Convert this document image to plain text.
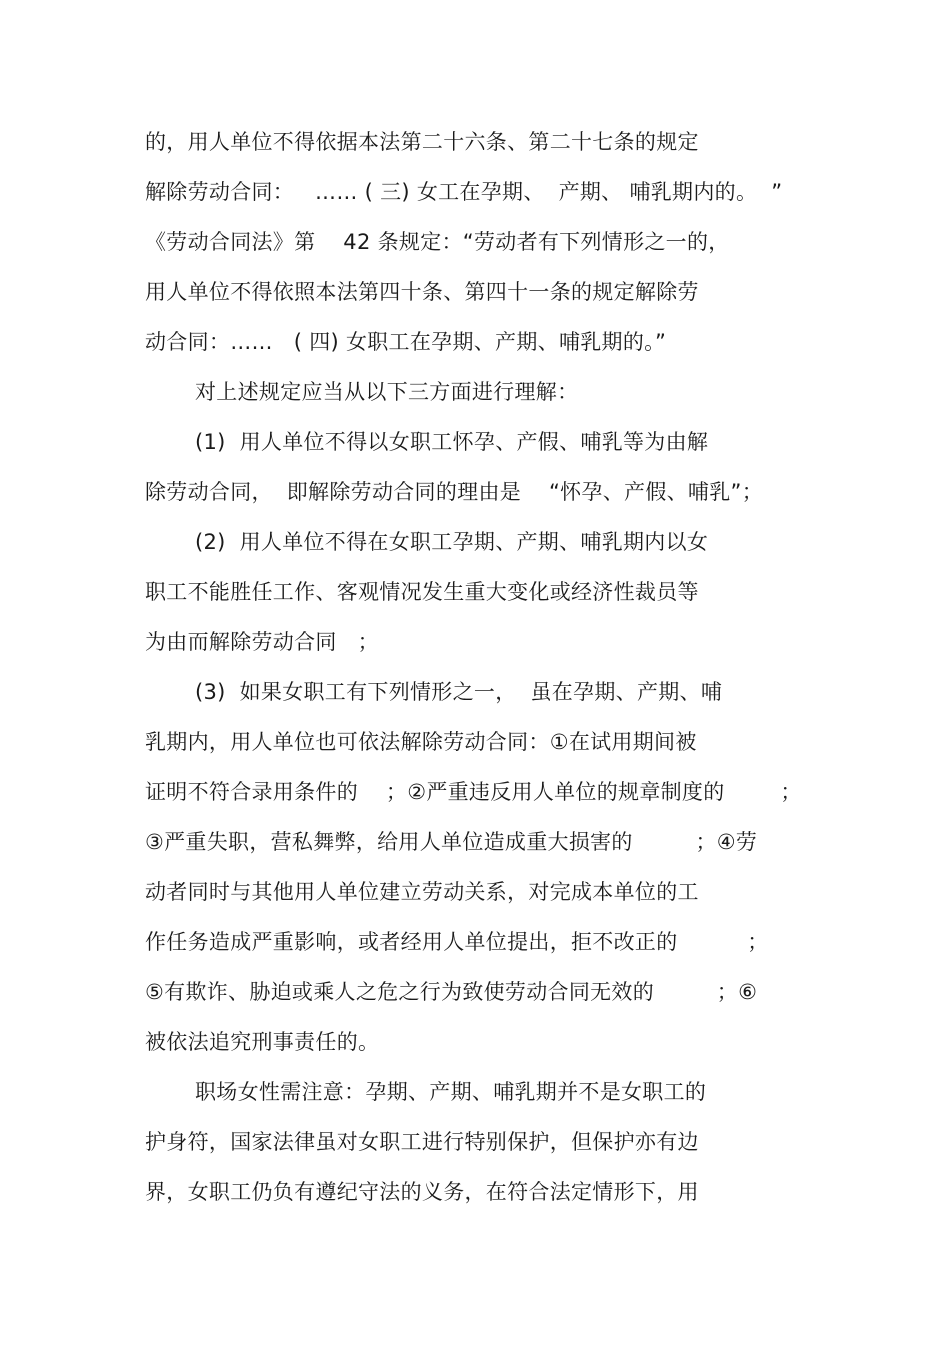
的，用人单位不得依据本法第二十六条、第二十七条的规定
解除劳动合同：   …… ( 三) 女工在孕期、  产期、 哺乳期内的。  ”
《劳动合同法》第    42 条规定：“劳动者有下列情形之一的，
用人单位不得依照本法第四十条、第四十一条的规定解除劳
动合同：……   ( 四) 女职工在孕期、产期、哺乳期的。”
对上述规定应当从以下三方面进行理解：
(1)  用人单位不得以女职工怀孕、产假、哺乳等为由解
除劳动合同，  即解除劳动合同的理由是    “怀孕、产假、哺乳”；
(2)  用人单位不得在女职工孕期、产期、哺乳期内以女
职工不能胜任工作、客观情况发生重大变化或经济性裁员等
为由而解除劳动合同   ；
(3)  如果女职工有下列情形之一，  虽在孕期、产期、哺
乳期内，用人单位也可依法解除劳动合同：①在试用期间被
证明不符合录用条件的    ；②严重违反用人单位的规章制度的        ；
③严重失职，营私舞弊，给用人单位造成重大损害的         ；④劳
动者同时与其他用人单位建立劳动关系，对完成本单位的工
作任务造成严重影响，或者经用人单位提出，拒不改正的          ；
⑤有欺诈、胁迫或乘人之危之行为致使劳动合同无效的         ；⑥
被依法追究刑事责任的。
职场女性需注意：孕期、产期、哺乳期并不是女职工的
护身符，国家法律虽对女职工进行特别保护，但保护亦有边
界，女职工仍负有遵纪守法的义务，在符合法定情形下，用
